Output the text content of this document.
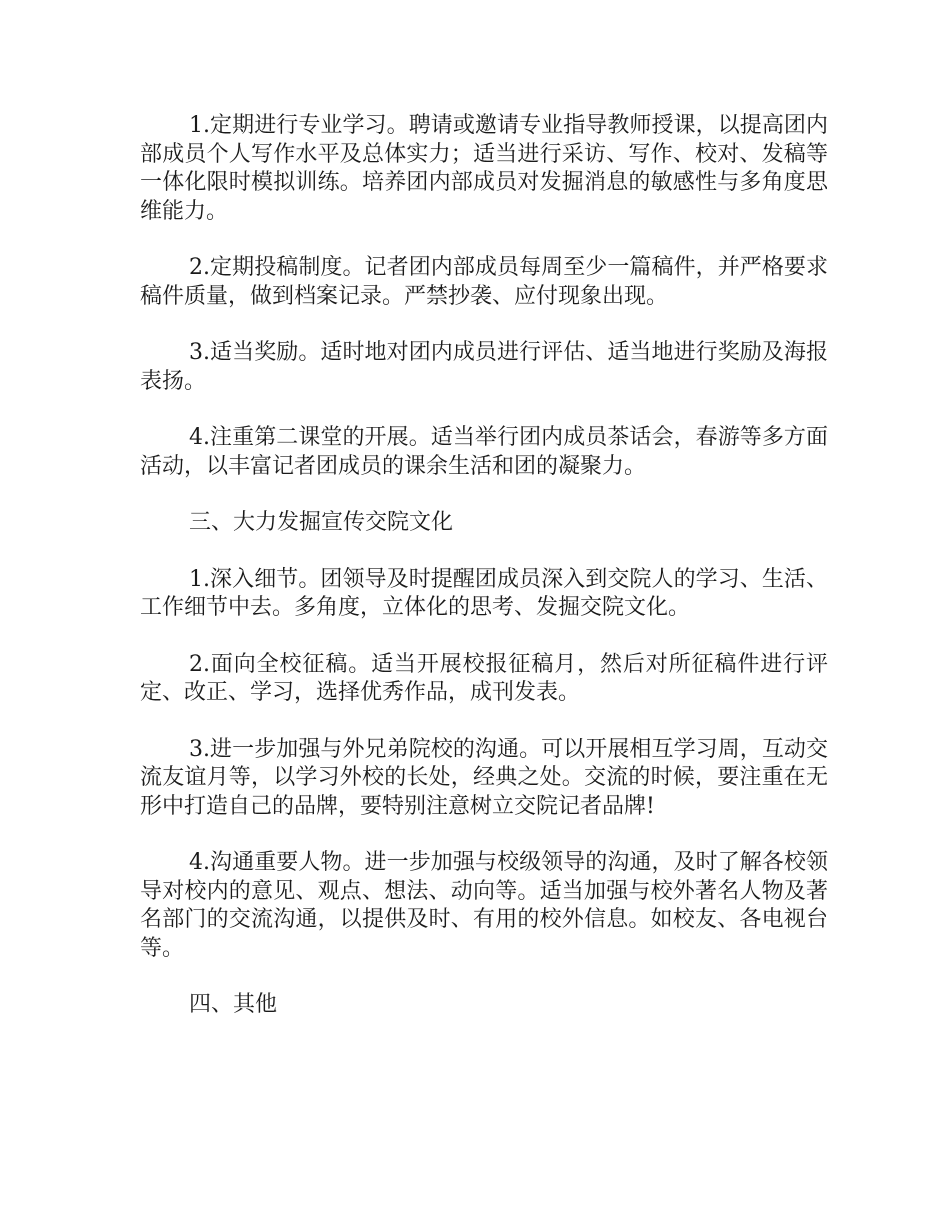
1.定期进行专业学习。聘请或邀请专业指导教师授课，以提高团内部成员个人写作水平及总体实力；适当进行采访、写作、校对、发稿等一体化限时模拟训练。培养团内部成员对发掘消息的敏感性与多角度思维能力。

2.定期投稿制度。记者团内部成员每周至少一篇稿件，并严格要求稿件质量，做到档案记录。严禁抄袭、应付现象出现。

3.适当奖励。适时地对团内成员进行评估、适当地进行奖励及海报表扬。

4.注重第二课堂的开展。适当举行团内成员茶话会，春游等多方面活动，以丰富记者团成员的课余生活和团的凝聚力。

三、大力发掘宣传交院文化

1.深入细节。团领导及时提醒团成员深入到交院人的学习、生活、工作细节中去。多角度，立体化的思考、发掘交院文化。

2.面向全校征稿。适当开展校报征稿月，然后对所征稿件进行评定、改正、学习，选择优秀作品，成刊发表。

3.进一步加强与外兄弟院校的沟通。可以开展相互学习周，互动交流友谊月等，以学习外校的长处，经典之处。交流的时候，要注重在无形中打造自己的品牌，要特别注意树立交院记者品牌!

4.沟通重要人物。进一步加强与校级领导的沟通，及时了解各校领导对校内的意见、观点、想法、动向等。适当加强与校外著名人物及著名部门的交流沟通，以提供及时、有用的校外信息。如校友、各电视台等。

四、其他
